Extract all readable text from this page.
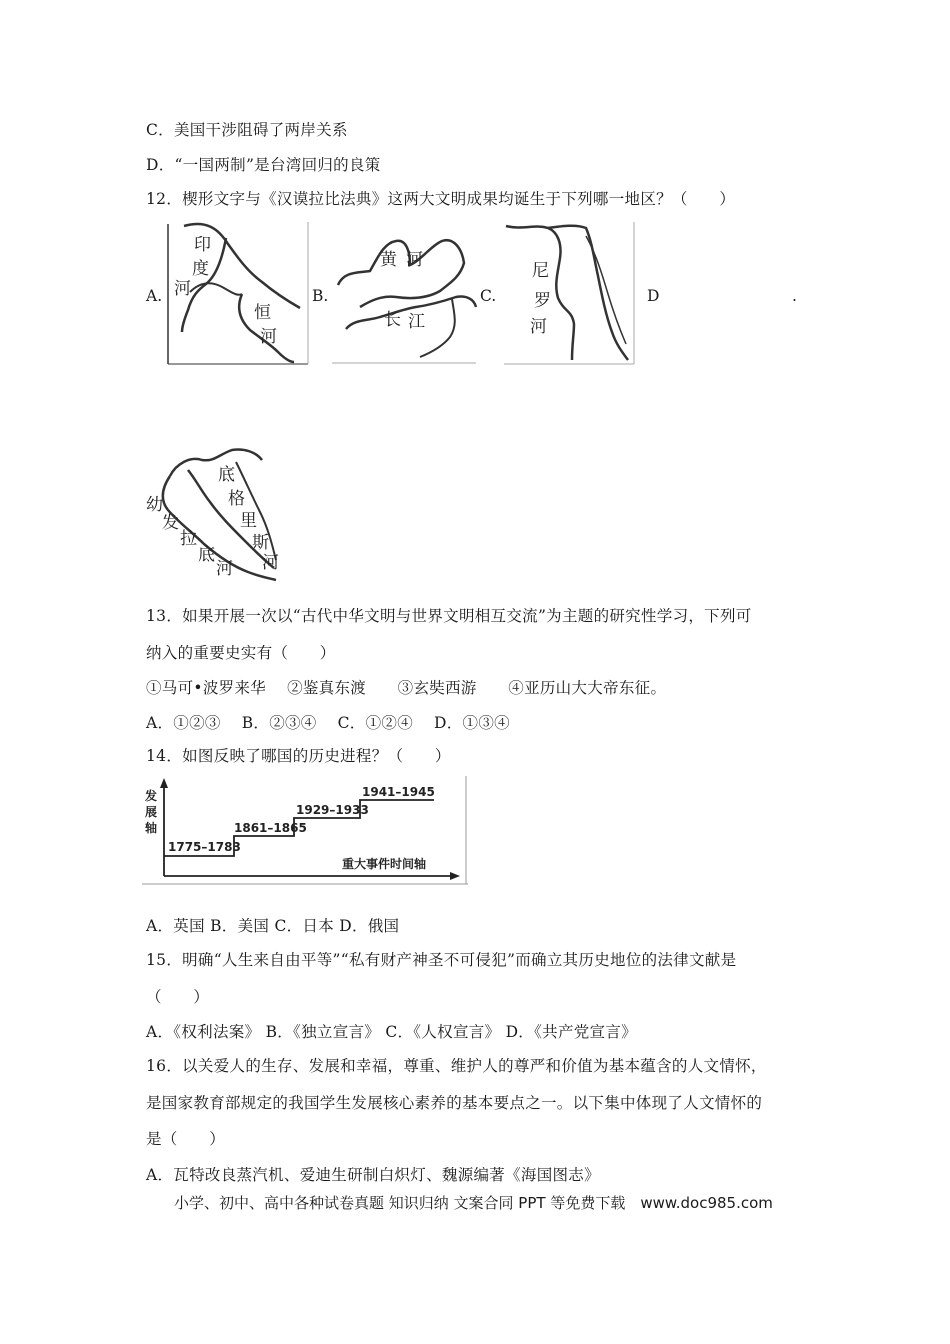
C．美国干涉阻碍了两岸关系
D．“一国两制”是台湾回归的良策
12．楔形文字与《汉谟拉比法典》这两大文明成果均诞生于下列哪一地区？（　　）
A.	B.	C.	D	.
印
度
河
恒
河
黄 河
长 江
尼
罗
河
幼
发
拉
底
河
底
格
里
斯
河
13．如果开展一次以“古代中华文明与世界文明相互交流”为主题的研究性学习，下列可
纳入的重要史实有（　　）
①马可•波罗来华　 ②鉴真东渡　　③玄奘西游　　④亚历山大大帝东征。
A．①②③　 B．②③④　 C．①②④　 D．①③④
14．如图反映了哪国的历史进程？（　　）
发
展
轴
1775–1783
1861–1865
1929–1933
1941–1945
重大事件时间轴
A．英国 B．美国 C．日本 D．俄国
15．明确“人生来自由平等”“私有财产神圣不可侵犯”而确立其历史地位的法律文献是
（　　）
A．《权利法案》 B．《独立宣言》 C．《人权宣言》 D．《共产党宣言》
16．以关爱人的生存、发展和幸福，尊重、维护人的尊严和价值为基本蕴含的人文情怀，
是国家教育部规定的我国学生发展核心素养的基本要点之一。以下集中体现了人文情怀的
是（　　）
A．瓦特改良蒸汽机、爱迪生研制白炽灯、魏源编著《海国图志》
小学、初中、高中各种试卷真题 知识归纳 文案合同 PPT 等免费下载　www.doc985.com
